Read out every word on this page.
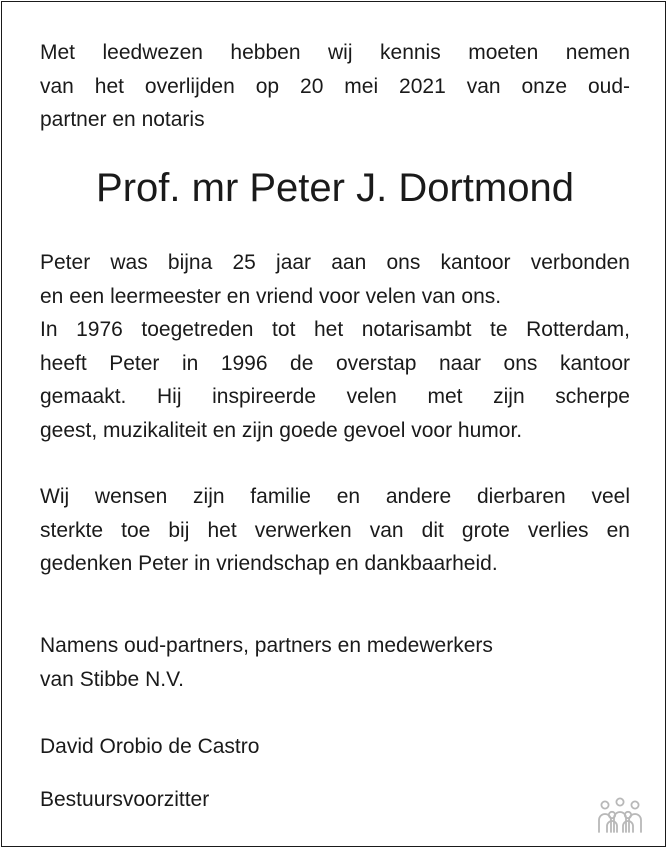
Met leedwezen hebben wij kennis moeten nemen
van het overlijden op 20 mei 2021 van onze oud-
partner en notaris
Prof. mr Peter J. Dortmond
Peter was bijna 25 jaar aan ons kantoor verbonden
en een leermeester en vriend voor velen van ons.
In 1976 toegetreden tot het notarisambt te Rotterdam,
heeft Peter in 1996 de overstap naar ons kantoor
gemaakt. Hij inspireerde velen met zijn scherpe
geest, muzikaliteit en zijn goede gevoel voor humor.
Wij wensen zijn familie en andere dierbaren veel
sterkte toe bij het verwerken van dit grote verlies en
gedenken Peter in vriendschap en dankbaarheid.
Namens oud-partners, partners en medewerkers
van Stibbe N.V.
David Orobio de Castro
Bestuursvoorzitter
